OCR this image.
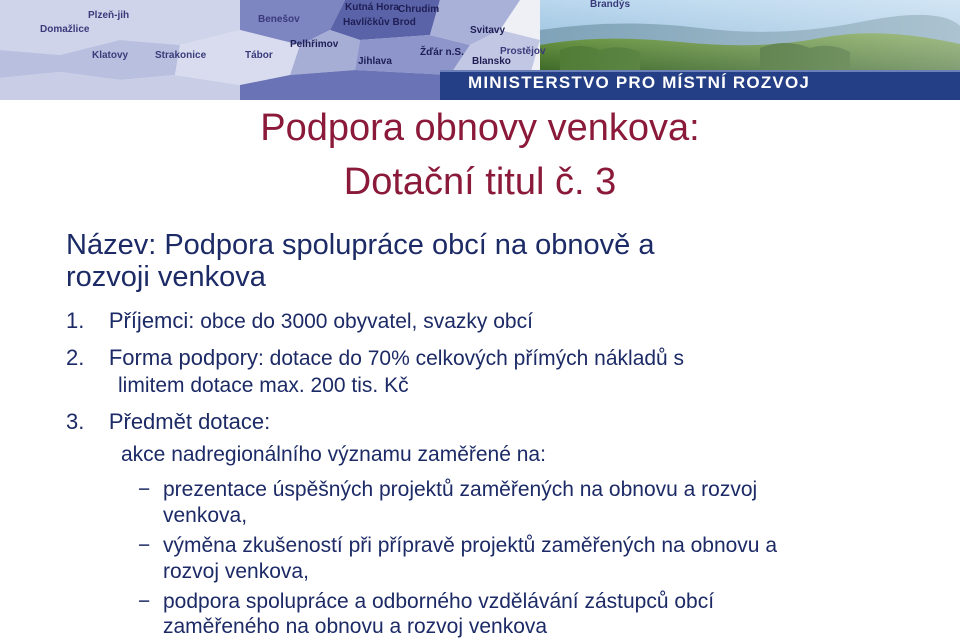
Plzeň-jih	Benešov
Kutná Hora Chrudim	Brandýs
Domažlice
Havlíčkův Brod
Svitavy
Klatovy	Strakonice	Tábor
Pelhřimov
Žďár n.S.
Jihlava	Blansko
Prostějov
MINISTERSTVO PRO MÍSTNÍ ROZVOJ
Podpora obnovy venkova:
Dotační titul č. 3
Název: Podpora spolupráce obcí na obnově a
rozvoji venkova
1. Příjemci: obce do 3000 obyvatel, svazky obcí
2. Forma podpory: dotace do 70% celkových přímých nákladů s
limitem dotace max. 200 tis. Kč
3. Předmět dotace:
akce nadregionálního významu zaměřené na:
− prezentace úspěšných projektů zaměřených na obnovu a rozvoj
venkova,
− výměna zkušeností při přípravě projektů zaměřených na obnovu a
rozvoj venkova,
− podpora spolupráce a odborného vzdělávání zástupců obcí
zaměřeného na obnovu a rozvoj venkova
